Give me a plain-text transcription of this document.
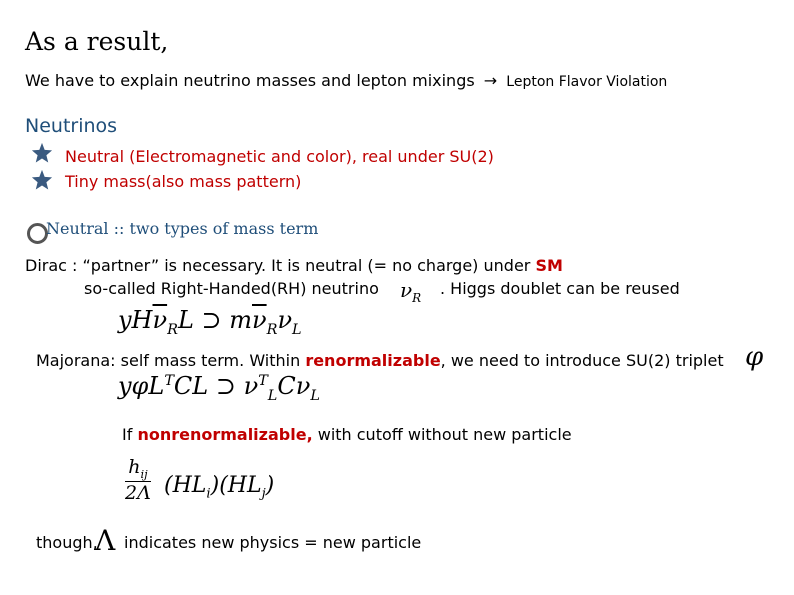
As a result,
We have to explain neutrino masses and lepton mixings → Lepton Flavor Violation
Neutrinos
Neutral (Electromagnetic and color), real under SU(2)
Tiny mass(also mass pattern)
Neutral :: two types of mass term
Dirac : “partner” is necessary. It is neutral (= no charge) under SM
so-called Right-Handed(RH) neutrino $\nu_R$ . Higgs doublet can be reused
$yH\overline{\nu}_RL$ ⊃ $m\overline{\nu}_R\nu_L$
Majorana: self mass term. Within renormalizable, we need to introduce SU(2) triplet φ
yφL$^T$CL ⊃ $\nu^T_LC\nu_L$
If nonrenormalizable, with cutoff without new particle
$h_{ij}$
2Λ $(HL_i)(HL_j)$
though,
Λ indicates new physics = new particle
